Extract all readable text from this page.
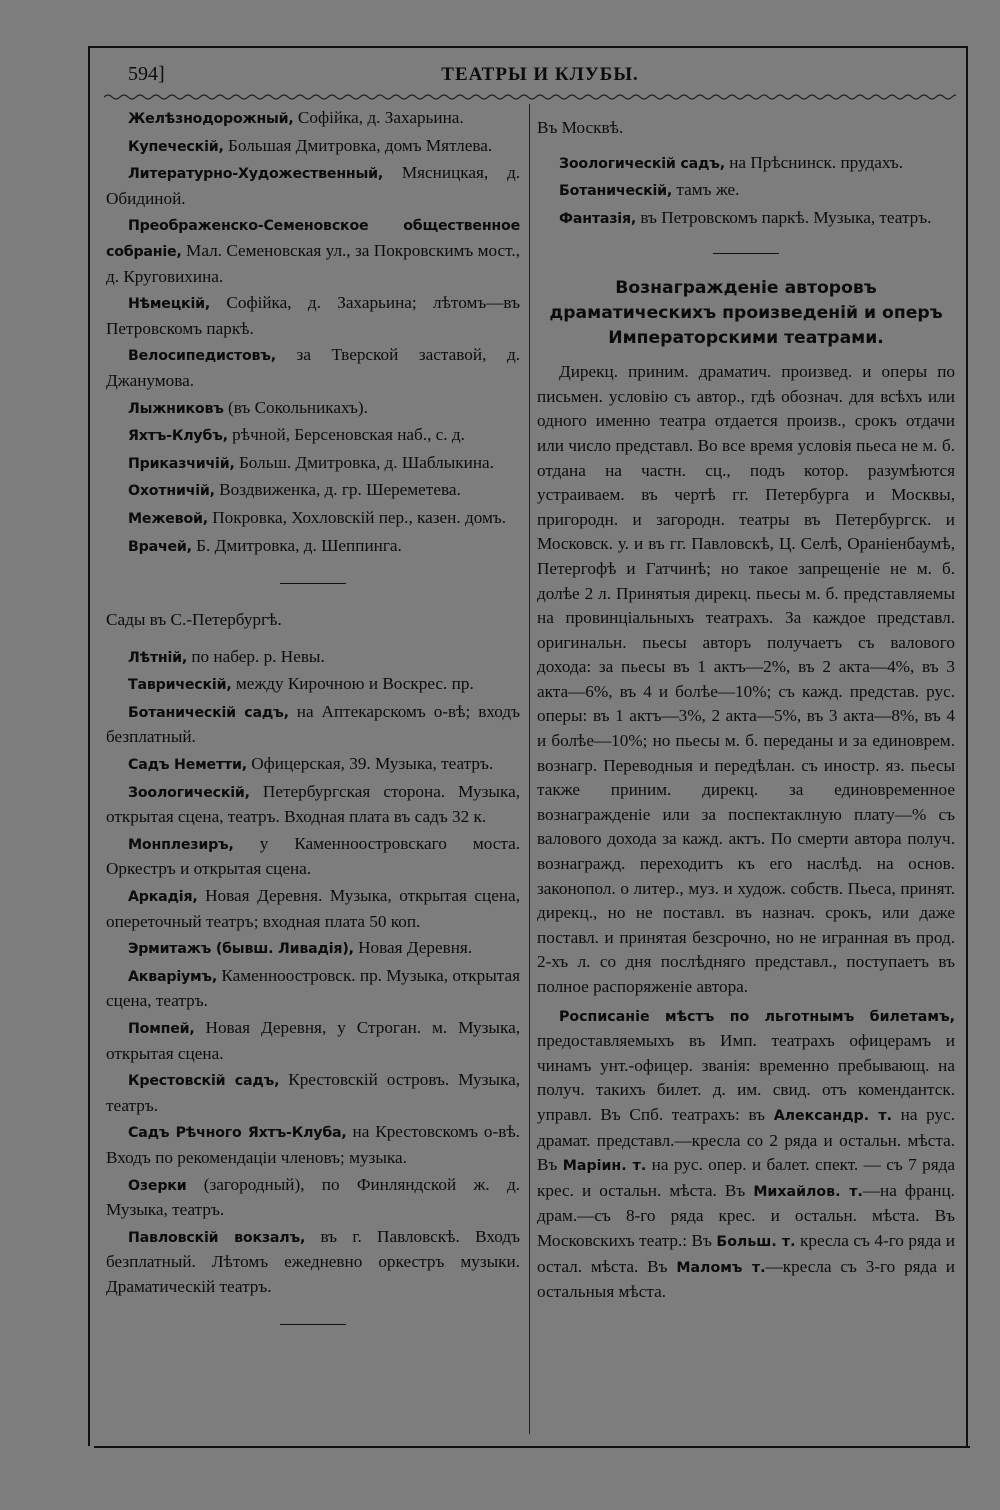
594]	ТЕАТРЫ И КЛУБЫ.

Желѣзнодорожный, Софійка, д. Захарьина.

Купеческій, Большая Дмитровка, домъ Мятлева.

Литературно-Художественный, Мясницкая, д. Обидиной.

Преображенско-Семеновское общественное собраніе, Мал. Семеновская ул., за Покровскимъ мост., д. Круговихина.

Нѣмецкій, Софійка, д. Захарьина; лѣтомъ—въ Петровскомъ паркѣ.

Велосипедистовъ, за Тверской заставой, д. Джанумова.

Лыжниковъ (въ Сокольникахъ).

Яхтъ-Клубъ, рѣчной, Берсеновская наб., с. д.

Приказчичій, Больш. Дмитровка, д. Шаблыкина.

Охотничій, Воздвиженка, д. гр. Шереметева.

Межевой, Покровка, Хохловскій пер., казен. домъ.

Врачей, Б. Дмитровка, д. Шеппинга.

Сады въ С.-Петербургѣ.

Лѣтній, по набер. р. Невы.

Таврическій, между Кирочною и Воскрес. пр.

Ботаническій садъ, на Аптекарскомъ о-вѣ; входъ безплатный.

Садъ Неметти, Офицерская, 39. Музыка, театръ.

Зоологическій, Петербургская сторона. Музыка, открытая сцена, театръ. Входная плата въ садъ 32 к.

Монплезиръ, у Каменноостровскаго моста. Оркестръ и открытая сцена.

Аркадія, Новая Деревня. Музыка, открытая сцена, опереточный театръ; входная плата 50 коп.

Эрмитажъ (бывш. Ливадія), Новая Деревня.

Акваріумъ, Каменноостровск. пр. Музыка, открытая сцена, театръ.

Помпей, Новая Деревня, у Строган. м. Музыка, открытая сцена.

Крестовскій садъ, Крестовскій островъ. Музыка, театръ.

Садъ Рѣчного Яхтъ-Клуба, на Крестовскомъ о-вѣ. Входъ по рекомендаціи членовъ; музыка.

Озерки (загородный), по Финляндской ж. д. Музыка, театръ.

Павловскій вокзалъ, въ г. Павловскѣ. Входъ безплатный. Лѣтомъ ежедневно оркестръ музыки. Драматическій театръ.

Въ Москвѣ.

Зоологическій садъ, на Прѣснинск. прудахъ.

Ботаническій, тамъ же.

Фантазія, въ Петровскомъ паркѣ. Музыка, театръ.

Вознагражденіе авторовъ драматическихъ произведеній и оперъ Императорскими театрами.

Дирекц. приним. драматич. произвед. и оперы по письмен. условію съ автор., гдѣ обознач. для всѣхъ или одного именно театра отдается произв., срокъ отдачи или число представл. Во все время условія пьеса не м. б. отдана на частн. сц., подъ котор. разумѣются устраиваем. въ чертѣ гг. Петербурга и Москвы, пригородн. и загородн. театры въ Петербургск. и Московск. у. и въ гг. Павловскѣ, Ц. Селѣ, Ораніенбаумѣ, Петергофѣ и Гатчинѣ; но такое запрещеніе не м. б. долѣе 2 л. Принятыя дирекц. пьесы м. б. представляемы на провинціальныхъ театрахъ. За каждое представл. оригинальн. пьесы авторъ получаетъ съ валового дохода: за пьесы въ 1 актъ—2%, въ 2 акта—4%, въ 3 акта—6%, въ 4 и болѣе—10%; съ кажд. представ. рус. оперы: въ 1 актъ—3%, 2 акта—5%, въ 3 акта—8%, въ 4 и болѣе—10%; но пьесы м. б. переданы и за единоврем. вознагр. Переводныя и передѣлан. съ иностр. яз. пьесы также приним. дирекц. за единовременное вознагражденіе или за поспектаклную плату—% съ валового дохода за кажд. актъ. По смерти автора получ. вознагражд. переходитъ къ его наслѣд. на основ. законопол. о литер., муз. и худож. собств. Пьеса, принят. дирекц., но не поставл. въ назнач. срокъ, или даже поставл. и принятая безсрочно, но не игранная въ прод. 2-хъ л. со дня послѣдняго представл., поступаетъ въ полное распоряженіе автора.

Росписаніе мѣстъ по льготнымъ билетамъ, предоставляемыхъ въ Имп. театрахъ офицерамъ и чинамъ унт.-офицер. званія: временно пребывающ. на получ. такихъ билет. д. им. свид. отъ комендантск. управл. Въ Спб. театрахъ: въ Александр. т. на рус. драмат. представл.—кресла со 2 ряда и остальн. мѣста. Въ Маріин. т. на рус. опер. и балет. спект. — съ 7 ряда крес. и остальн. мѣста. Въ Михайлов. т.—на франц. драм.—съ 8-го ряда крес. и остальн. мѣста. Въ Московскихъ театр.: Въ Больш. т. кресла съ 4-го ряда и остал. мѣста. Въ Маломъ т.—кресла съ 3-го ряда и остальныя мѣста.
